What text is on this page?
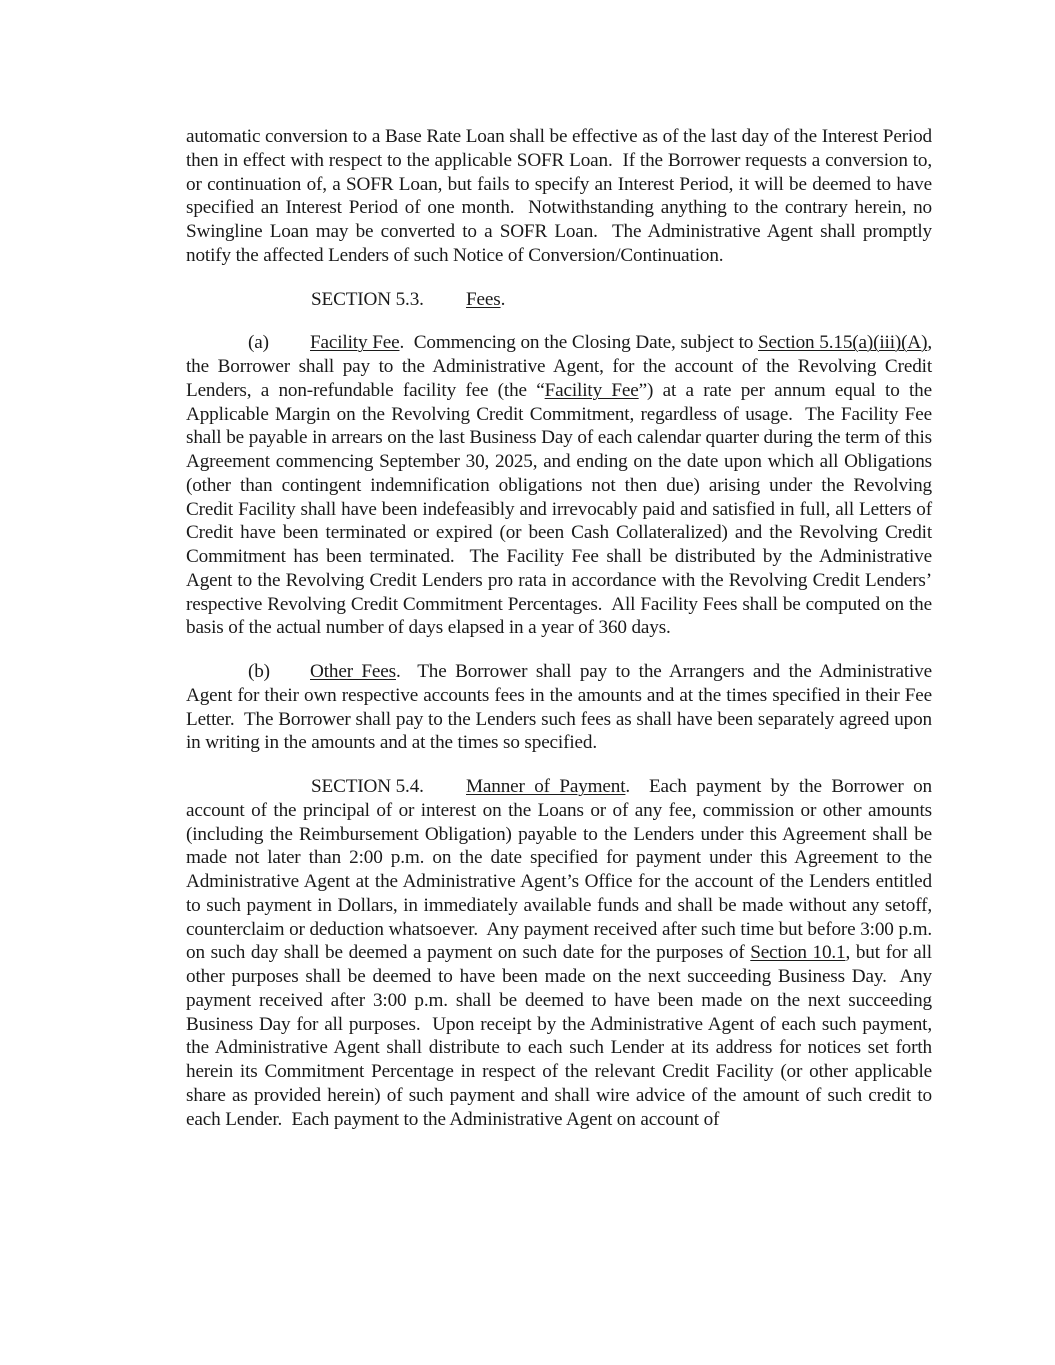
automatic conversion to a Base Rate Loan shall be effective as of the last day of the Interest Period then in effect with respect to the applicable SOFR Loan.  If the Borrower requests a conversion to, or continuation of, a SOFR Loan, but fails to specify an Interest Period, it will be deemed to have specified an Interest Period of one month.  Notwithstanding anything to the contrary herein, no Swingline Loan may be converted to a SOFR Loan.  The Administrative Agent shall promptly notify the affected Lenders of such Notice of Conversion/Continuation.

SECTION 5.3. Fees.

(a) Facility Fee.  Commencing on the Closing Date, subject to Section 5.15(a)(iii)(A), the Borrower shall pay to the Administrative Agent, for the account of the Revolving Credit Lenders, a non-refundable facility fee (the “Facility Fee”) at a rate per annum equal to the Applicable Margin on the Revolving Credit Commitment, regardless of usage.  The Facility Fee shall be payable in arrears on the last Business Day of each calendar quarter during the term of this Agreement commencing September 30, 2025, and ending on the date upon which all Obligations (other than contingent indemnification obligations not then due) arising under the Revolving Credit Facility shall have been indefeasibly and irrevocably paid and satisfied in full, all Letters of Credit have been terminated or expired (or been Cash Collateralized) and the Revolving Credit Commitment has been terminated.  The Facility Fee shall be distributed by the Administrative Agent to the Revolving Credit Lenders pro rata in accordance with the Revolving Credit Lenders’ respective Revolving Credit Commitment Percentages.  All Facility Fees shall be computed on the basis of the actual number of days elapsed in a year of 360 days.

(b) Other Fees.  The Borrower shall pay to the Arrangers and the Administrative Agent for their own respective accounts fees in the amounts and at the times specified in their Fee Letter.  The Borrower shall pay to the Lenders such fees as shall have been separately agreed upon in writing in the amounts and at the times so specified.

SECTION 5.4. Manner of Payment.  Each payment by the Borrower on account of the principal of or interest on the Loans or of any fee, commission or other amounts (including the Reimbursement Obligation) payable to the Lenders under this Agreement shall be made not later than 2:00 p.m. on the date specified for payment under this Agreement to the Administrative Agent at the Administrative Agent’s Office for the account of the Lenders entitled to such payment in Dollars, in immediately available funds and shall be made without any setoff, counterclaim or deduction whatsoever.  Any payment received after such time but before 3:00 p.m. on such day shall be deemed a payment on such date for the purposes of Section 10.1, but for all other purposes shall be deemed to have been made on the next succeeding Business Day.  Any payment received after 3:00 p.m. shall be deemed to have been made on the next succeeding Business Day for all purposes.  Upon receipt by the Administrative Agent of each such payment, the Administrative Agent shall distribute to each such Lender at its address for notices set forth herein its Commitment Percentage in respect of the relevant Credit Facility (or other applicable share as provided herein) of such payment and shall wire advice of the amount of such credit to each Lender.  Each payment to the Administrative Agent on account of
